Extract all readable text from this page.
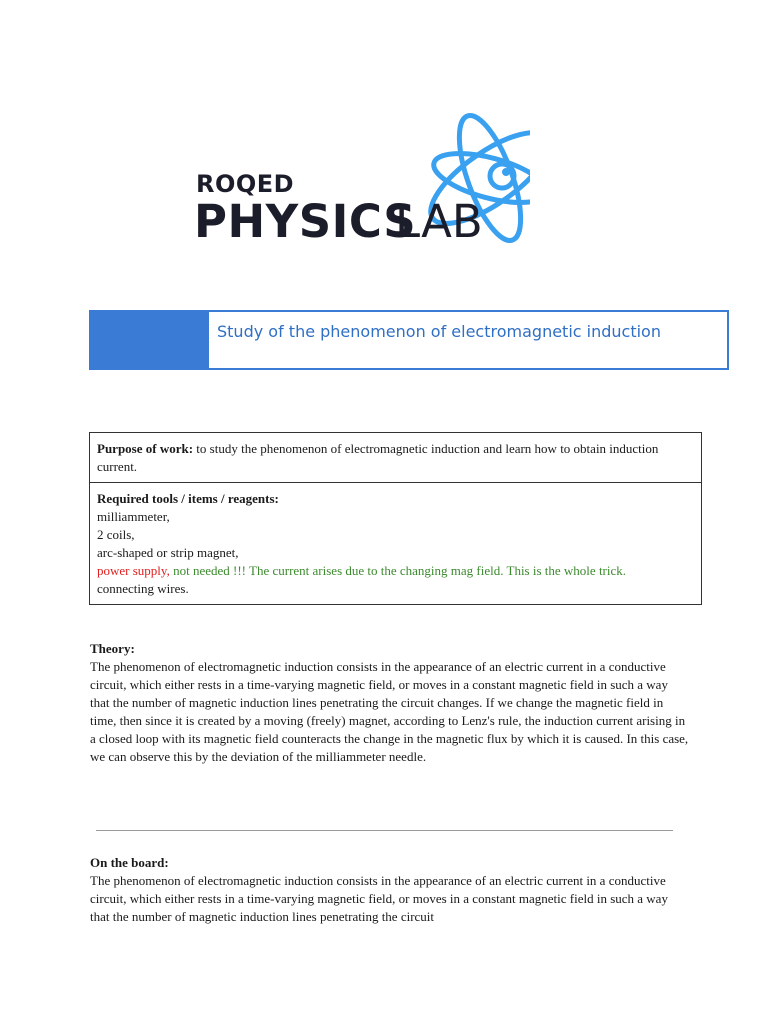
ROQED
PHYSICS
LAB
Study of the phenomenon of electromagnetic induction
Purpose of work: to study the phenomenon of electromagnetic induction and learn how to obtain induction current.
Required tools / items / reagents:
milliammeter,
2 coils,
arc-shaped or strip magnet,
power supply, not needed !!! The current arises due to the changing mag field. This is the whole trick.
connecting wires.
Theory:
The phenomenon of electromagnetic induction consists in the appearance of an electric current in a conductive circuit, which either rests in a time-varying magnetic field, or moves in a constant magnetic field in such a way that the number of magnetic induction lines penetrating the circuit changes. If we change the magnetic field in time, then since it is created by a moving (freely) magnet, according to Lenz's rule, the induction current arising in a closed loop with its magnetic field counteracts the change in the magnetic flux by which it is caused. In this case, we can observe this by the deviation of the milliammeter needle.
On the board:
The phenomenon of electromagnetic induction consists in the appearance of an electric current in a conductive circuit, which either rests in a time-varying magnetic field, or moves in a constant magnetic field in such a way that the number of magnetic induction lines penetrating the circuit
